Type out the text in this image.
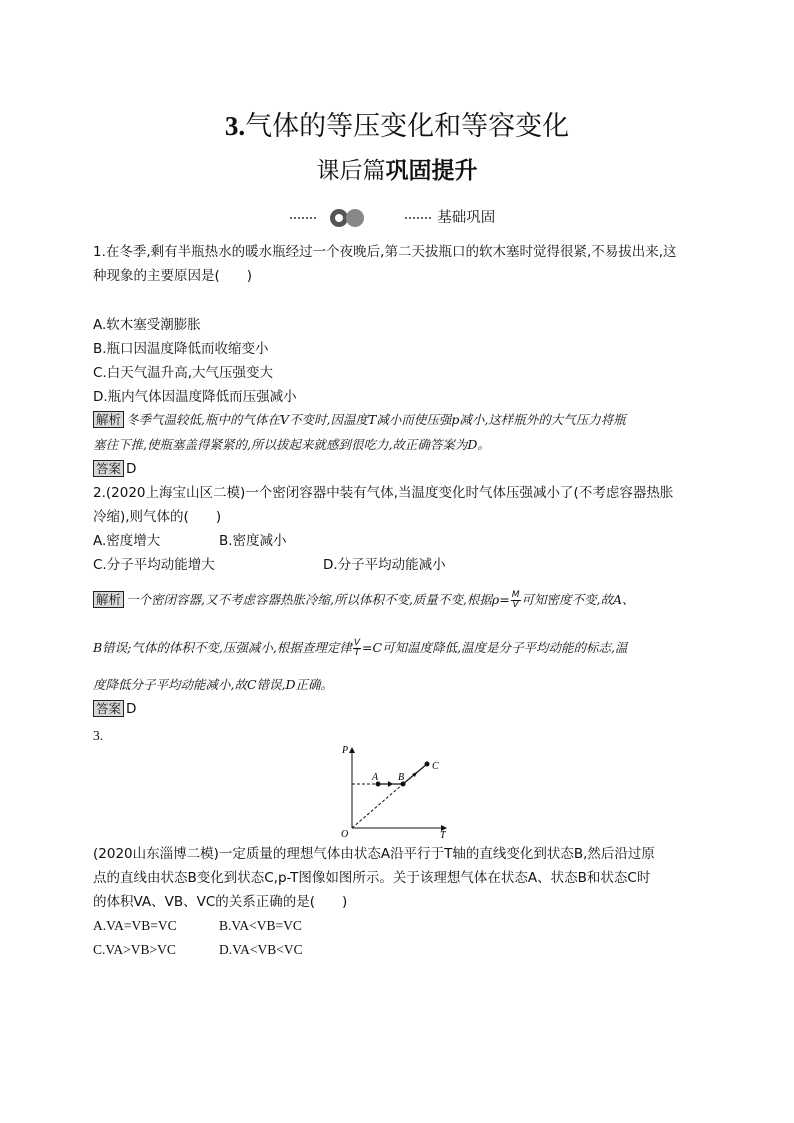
3.气体的等压变化和等容变化
课后篇巩固提升
基础巩固
1.在冬季,剩有半瓶热水的暖水瓶经过一个夜晚后,第二天拔瓶口的软木塞时觉得很紧,不易拔出来,这
种现象的主要原因是(　　)
A.软木塞受潮膨胀
B.瓶口因温度降低而收缩变小
C.白天气温升高,大气压强变大
D.瓶内气体因温度降低而压强减小
解析 冬季气温较低,瓶中的气体在V不变时,因温度T减小而使压强p减小,这样瓶外的大气压力将瓶
塞往下推,使瓶塞盖得紧紧的,所以拔起来就感到很吃力,故正确答案为D。
答案 D
2.(2020上海宝山区二模)一个密闭容器中装有气体,当温度变化时气体压强减小了(不考虑容器热胀
冷缩),则气体的(　　)
A.密度增大	B.密度减小
C.分子平均动能增大	D.分子平均动能减小
解析 一个密闭容器,又不考虑容器热胀冷缩,所以体积不变,质量不变,根据$\rho= \frac{M}{V}$ 可知密度不变,故A、
B错误;气体的体积不变,压强减小,根据查理定律 $\frac{V}{T} =C$可知温度降低,温度是分子平均动能的标志,温
度降低分子平均动能减小,故C错误,D正确。
答案 D
3.
P
T
O
A B
C
(2020山东淄博二模)一定质量的理想气体由状态A沿平行于T轴的直线变化到状态B,然后沿过原
点的直线由状态B变化到状态C,p-T图像如图所示。关于该理想气体在状态A、状态B和状态C时
的体积VA、VB、VC的关系正确的是(　　)
A.VA=VB=VC	B.VA<VB=VC
C.VA>VB>VC	D.VA<VB<VC
